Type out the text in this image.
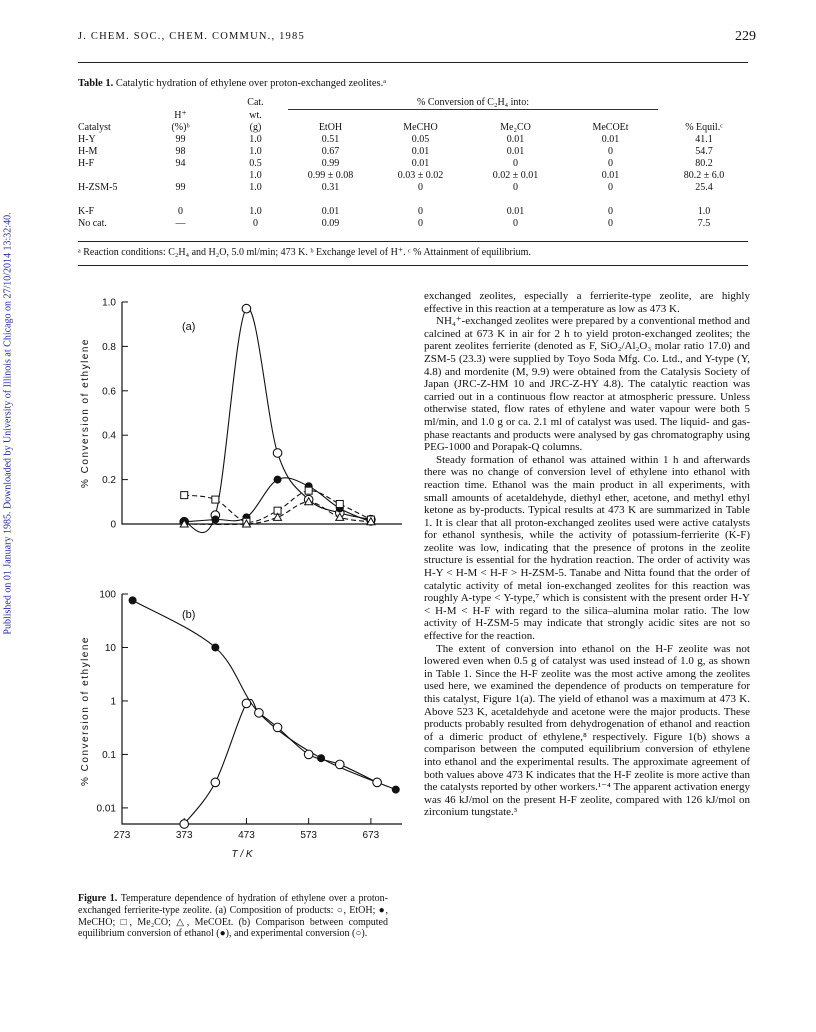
J. CHEM. SOC., CHEM. COMMUN., 1985	229
Published on 01 January 1985. Downloaded by University of Illinois at Chicago on 27/10/2014 13:32:40.
Table 1. Catalytic hydration of ethylene over proton-exchanged zeolites.ᵃ
		Cat.	% Conversion of C₂H₄ into:				
	H⁺	wt.					
Catalyst	(%)ᵇ	(g)	EtOH	MeCHO	Me₂CO	MeCOEt	% Equil.ᶜ
H-Y	99	1.0	0.51	0.05	0.01	0.01	41.1
H-M	98	1.0	0.67	0.01	0.01	0	54.7
H-F	94	0.5	0.99	0.01	0	0	80.2
		1.0	0.99 ± 0.08	0.03 ± 0.02	0.02 ± 0.01	0.01	80.2 ± 6.0
H-ZSM-5	99	1.0	0.31	0	0	0	25.4

K-F	0	1.0	0.01	0	0.01	0	1.0
No cat.	—	0	0.09	0	0	0	7.5
ᵃ Reaction conditions: C₂H₄ and H₂O, 5.0 ml/min; 473 K. ᵇ Exchange level of H⁺. ᶜ % Attainment of equilibrium.
0
0.2
0.4
0.6
0.8
1.0
(a)
% Conversion of ethylene
0.01
0.1
1
10
100
273	373	473	573	673
(b)
T / K
% Conversion of ethylene
Figure 1. Temperature dependence of hydration of ethylene over a proton-exchanged ferrierite-type zeolite. (a) Composition of products: ○, EtOH; ●, MeCHO; □, Me₂CO; △, MeCOEt. (b) Comparison between computed equilibrium conversion of ethanol (●), and experimental conversion (○).

exchanged zeolites, especially a ferrierite-type zeolite, are highly effective in this reaction at a temperature as low as 473 K.

NH₄⁺-exchanged zeolites were prepared by a conventional method and calcined at 673 K in air for 2 h to yield proton-exchanged zeolites; the parent zeolites ferrierite (denoted as F, SiO₂/Al₂O₃ molar ratio 17.0) and ZSM-5 (23.3) were supplied by Toyo Soda Mfg. Co. Ltd., and Y-type (Y, 4.8) and mordenite (M, 9.9) were obtained from the Catalysis Society of Japan (JRC-Z-HM 10 and JRC-Z-HY 4.8). The catalytic reaction was carried out in a continuous flow reactor at atmospheric pressure. Unless otherwise stated, flow rates of ethylene and water vapour were both 5 ml/min, and 1.0 g or ca. 2.1 ml of catalyst was used. The liquid- and gas-phase reactants and products were analysed by gas chromatography using PEG-1000 and Porapak-Q columns.

Steady formation of ethanol was attained within 1 h and afterwards there was no change of conversion level of ethylene into ethanol with reaction time. Ethanol was the main product in all experiments, with small amounts of acetaldehyde, diethyl ether, acetone, and methyl ethyl ketone as by-products. Typical results at 473 K are summarized in Table 1. It is clear that all proton-exchanged zeolites used were active catalysts for ethanol synthesis, while the activity of potassium-ferrierite (K-F) zeolite was low, indicating that the presence of protons in the zeolite structure is essential for the hydration reaction. The order of activity was H-Y < H-M < H-F > H-ZSM-5. Tanabe and Nitta found that the order of catalytic activity of metal ion-exchanged zeolites for this reaction was roughly A-type < Y-type,⁷ which is consistent with the present order H-Y < H-M < H-F with regard to the silica–alumina molar ratio. The low activity of H-ZSM-5 may indicate that strongly acidic sites are not so effective for the reaction.

The extent of conversion into ethanol on the H-F zeolite was not lowered even when 0.5 g of catalyst was used instead of 1.0 g, as shown in Table 1. Since the H-F zeolite was the most active among the zeolites used here, we examined the dependence of products on temperature for this catalyst, Figure 1(a). The yield of ethanol was a maximum at 473 K. Above 523 K, acetaldehyde and acetone were the major products. These products probably resulted from dehydrogenation of ethanol and reaction of a dimeric product of ethylene,⁸ respectively. Figure 1(b) shows a comparison between the computed equilibrium conversion of ethylene into ethanol and the experimental results. The approximate agreement of both values above 473 K indicates that the H-F zeolite is more active than the catalysts reported by other workers.¹⁻⁴ The apparent activation energy was 46 kJ/mol on the present H-F zeolite, compared with 126 kJ/mol on zirconium tungstate.³
